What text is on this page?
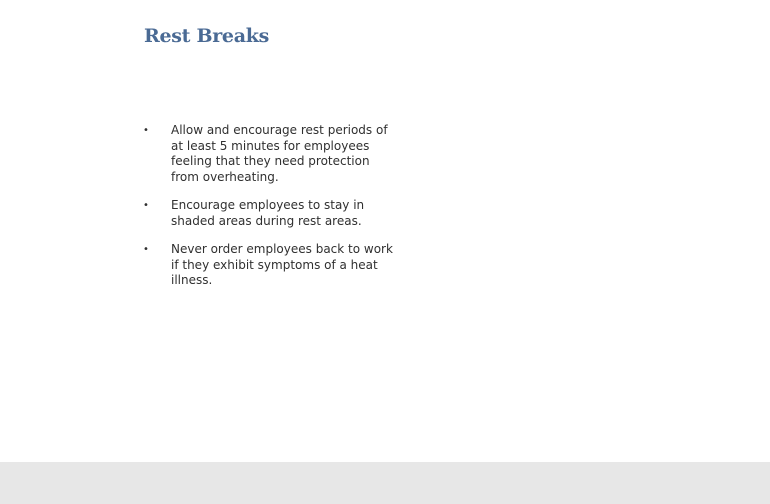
Rest Breaks
•	Allow and encourage rest periods of at least 5 minutes for employees feeling that they need protection from overheating.
•	Encourage employees to stay in shaded areas during rest areas.
•	Never order employees back to work if they exhibit symptoms of a heat illness.
